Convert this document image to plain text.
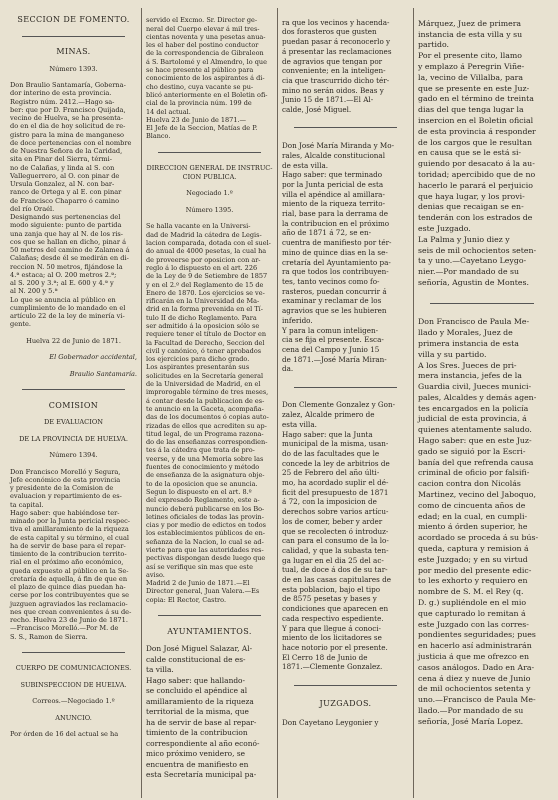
SECCION DE FOMENTO.

MINAS.

Número 1393.

Don Braulio Santamaría, Goberna-
dor interino de esta provincia.
Registro núm. 2412.—Hago sa-
ber: que por D. Francisco Quijada,
vecino de Huelva, se ha presenta-
do en el dia de hoy solicitud de re-
gistro para la mina de manganeso
de doce pertenencias con el nombre
de Nuestra Señora de la Caridad,
sita en Pinar del Sierra, térmi-
no de Calañas, y linda al S. con
Valleguerrero, al O. con pinar de
Ursula Gonzalez, al N. con bar-
ranco de Ortega y al E. con pinar
de Francisco Chaparro ó camino
del río Oraél.
Designando sus pertenencias del
modo siguiente: punto de partida
una zanja que hay al N. de los ris-
cos que se hallan en dicho, pinar á
50 metros del camino de Zalamea á
Calañas; desde él se medirán en di-
reccion N. 50 metros, fijándose la
4.ª estaca; al O. 200 metros 2.ª;
al S. 200 y 3.ª; al E. 600 y 4.ª y
al N. 200 y 5.ª
Lo que se anuncia al público en
cumplimiento de lo mandado en el
artículo 22 de la ley de minería vi-
gente.

Huelva 22 de Junio de 1871.

El Gobernador accidental,

Braulio Santamaría.

COMISION

DE EVALUACION

DE LA PROVINCIA DE HUELVA.

Número 1394.

Don Francisco Morelló y Segura,
Jefe económico de esta provincia
y presidente de la Comision de
evaluacion y repartimiento de es-
ta capital.
Hago saber: que habiéndose ter-
minado por la Junta pericial respec-
tiva el amillaramiento de la riqueza
de esta capital y su término, el cual
ha de servir de base para el repar-
timiento de la contribucion territo-
rial en el próximo año económico,
queda expuesto al público en la Se-
cretaría de aquella, á fin de que en
el plazo de quince dias puedan ha-
cerse por los contribuyentes que se
juzguen agraviados las reclamacio-
nes que crean convenientes á su de-
recho. Huelva 23 de Junio de 1871.
—Francisco Morelló.—Por M. de
S. S., Ramon de Sierra.

CUERPO DE COMUNICACIONES.

SUBINSPECCION DE HUELVA.

Correos.—Negociado 1.º

ANUNCIO.

Por órden de 16 del actual se ha

servido el Excmo. Sr. Director ge-
neral del Cuerpo elevar á mil tres-
cientas noventa y una pesetas anua-
les el haber del postino conductor
de la correspondencia de Gibraleon
á S. Bartolomé y el Almendro, lo que
se hace presente al público para
conocimiento de los aspirantes á di-
cho destino, cuya vacante se pu-
blicó anteriormente en el Boletin ofi-
cial de la provincia núm. 199 de
14 del actual.
Huelva 23 de Junio de 1871.—
El Jefe de la Seccion, Matías de P.
Blanco.

DIRECCION GENERAL DE INSTRUC- CION PUBLICA.

Negociado 1.º

Número 1395.

Se halla vacante en la Universi-
dad de Madrid la cátedra de Legis-
lacion comparada, dotada con el suel-
do anual de 4000 pesetas, la cual ha
de proveerse por oposicion con ar-
reglo á lo dispuesto en el art. 226
de la Ley de 9 de Setiembre de 1857
y en el 2.º del Reglamento de 15 de
Enero de 1870. Los ejercicios se ve-
rificarán en la Universidad de Ma-
drid en la forma prevenida en el Tí-
tulo II de dicho Reglamento. Para
ser admitido á la oposicion sólo se
requiere tener el título de Doctor en
la Facultad de Derecho, Seccion del
civil y canónico, ó tener aprobados
los ejercicios para dicho grado.
Los aspirantes presentarán sus
solicitudes en la Secretaría general
de la Universidad de Madrid, en el
improrogable término de tres meses,
á contar desde la publicacion de es-
te anuncio en la Gaceta, acompaña-
das de los documentos ó copias auto-
rizadas de ellos que acrediten su ap-
titud legal, de un Programa razona-
do de las enseñanzas correspondien-
tes á la cátedra que trata de pro-
veerse, y de una Memoria sobre las
fuentes de conocimiento y método
de enseñanza de la asignatura obje-
to de la oposicion que se anuncia.
Segun lo dispuesto en el art. 8.º
del expresado Reglamento, este a-
nuncio deberá publicarse en los Bo-
letines oficiales de todas las provin-
cias y por medio de edictos en todos
los establecimientos públicos de en-
señanza de la Nacion, lo cual se ad-
vierte para que las autoridades res-
pectivas dispongan desde luego que
así se verifique sin mas que este
aviso.
Madrid 2 de Junio de 1871.—El
Director general, Juan Valera.—Es
copia: El Rector, Castro.

AYUNTAMIENTOS.

Don José Miguel Salazar, Al-
calde constitucional de es-
ta villa.
Hago saber: que hallando-
se concluido el apéndice al
amillaramiento de la riqueza
territorial de la misma, que
ha de servir de base al repar-
timiento de la contribucion
correspondiente al año econó-
mico próximo venidero, se
encuentra de manifiesto en
esta Secretaría municipal pa-

ra que los vecinos y hacenda-
dos forasteros que gusten
puedan pasar á reconocerlo y
á presentar las reclamaciones
de agravios que tengan por
conveniente; en la inteligen-
cia que trascurrido dicho tér-
mino no serán oidos. Beas y
Junio 15 de 1871.—El Al-
calde, José Miguel.

Don José María Miranda y Mo-
rales, Alcalde constitucional
de esta villa.
Hago saber: que terminado
por la Junta pericial de esta
villa el apéndice al amillara-
miento de la riqueza territo-
rial, base para la derrama de
la contribucion en el próximo
año de 1871 á 72, se en-
cuentra de manifiesto por tér-
mino de quince dias en la se-
cretaría del Ayuntamiento pa-
ra que todos los contribuyen-
tes, tanto vecinos como fo-
rasteros, puedan concurrir á
examinar y reclamar de los
agravios que se les hubieren
inferido.
Y para la comun inteligen-
cia se fija el presente. Esca-
cena del Campo y Junio 15
de 1871.—José María Miran-
da.

Don Clemente Gonzalez y Gon-
zalez, Alcalde primero de
esta villa.
Hago saber: que la Junta
municipal de la misma, usan-
do de las facultades que le
concede la ley de arbitrios de
25 de Febrero del año últi-
mo, ha acordado suplir el dé-
ficit del presupuesto de 1871
á 72, con la imposicion de
derechos sobre varios artícu-
los de comer, beber y arder
que se recolecten ó introduz-
can para el consumo de la lo-
calidad, y que la subasta ten-
ga lugar en el dia 25 del ac-
tual, de doce á dos de su tar-
de en las casas capitulares de
esta poblacion, bajo el tipo
de 8575 pesetas y bases y
condiciones que aparecen en
cada respectivo espediente.
Y para que llegue á conoci-
miento de los licitadores se
hace notorio por el presente.
El Cerro 18 de Junio de
1871.—Clemente Gonzalez.

JUZGADOS.

Don Cayetano Leygonier y

Márquez, Juez de primera
instancia de esta villa y su
partido.
Por el presente cito, llamo
y emplazo á Peregrin Viñe-
la, vecino de Villalba, para
que se presente en este Juz-
gado en el término de treinta
dias del que tenga lugar la
insercion en el Boletin oficial
de esta provincia á responder
de los cargos que le resultan
en causa que se le está si-
guiendo por desacato á la au-
toridad; apercibido que de no
hacerlo le parará el perjuicio
que haya lugar, y los provi-
denias que recaigan se en-
tenderán con los estrados de
este Juzgado.
La Palma y Junio diez y
seis de mil ochocientos seten-
ta y uno.—Cayetano Leygo-
nier.—Por mandado de su
señoría, Agustin de Montes.

Don Francisco de Paula Me-
llado y Morales, Juez de
primera instancia de esta
villa y su partido.
A los Sres. Jueces de pri-
mera instancia, jefes de la
Guardia civil, Jueces munici-
pales, Alcaldes y demás agen-
tes encargados en la policía
judicial de esta provincia, á
quienes atentamente saludo.
Hago saber: que en este Juz-
gado se siguió por la Escri-
banía del que refrenda causa
criminal de oficio por falsifi-
cacion contra don Nicolás
Martinez, vecino del Jaboquo,
como de cincuenta años de
edad; en la cual, en cumpli-
miento á órden superior, he
acordado se proceda á su bús-
queda, captura y remision á
este Juzgado; y en su virtud
por medio del presente edic-
to les exhorto y requiero en
nombre de S. M. el Rey (q.
D. g.) supliéndole en el mio
que capturado lo remitan á
este Juzgado con las corres-
pondientes seguridades; pues
en hacerlo así administrarán
justicia á que me ofrezco en
casos análogos. Dado en Ara-
cena á diez y nueve de Junio
de mil ochocientos setenta y
uno.—Francisco de Paula Me-
llado.—Por mandado de su
señoría, José María Lopez.
